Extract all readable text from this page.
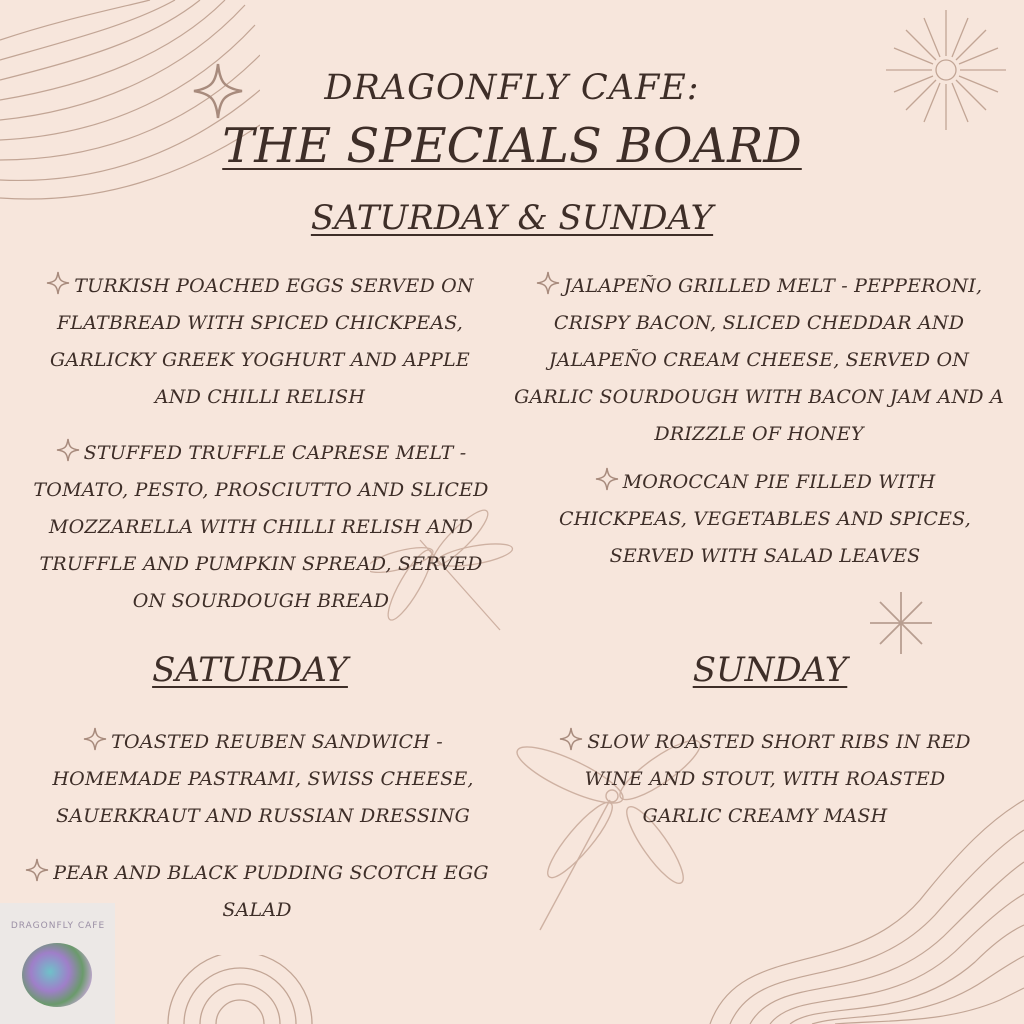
DRAGONFLY CAFE:
THE SPECIALS BOARD
SATURDAY & SUNDAY
TURKISH POACHED EGGS SERVED ON FLATBREAD WITH SPICED CHICKPEAS, GARLICKY GREEK YOGHURT AND APPLE AND CHILLI RELISH
STUFFED TRUFFLE CAPRESE MELT - TOMATO, PESTO, PROSCIUTTO AND SLICED MOZZARELLA WITH CHILLI RELISH AND TRUFFLE AND PUMPKIN SPREAD, SERVED ON SOURDOUGH BREAD
JALAPEÑO GRILLED MELT - PEPPERONI, CRISPY BACON, SLICED CHEDDAR AND JALAPEÑO CREAM CHEESE, SERVED ON GARLIC SOURDOUGH WITH BACON JAM AND A DRIZZLE OF HONEY
MOROCCAN PIE FILLED WITH CHICKPEAS, VEGETABLES AND SPICES, SERVED WITH SALAD LEAVES
SATURDAY	SUNDAY
TOASTED REUBEN SANDWICH - HOMEMADE PASTRAMI, SWISS CHEESE, SAUERKRAUT AND RUSSIAN DRESSING
PEAR AND BLACK PUDDING SCOTCH EGG SALAD
SLOW ROASTED SHORT RIBS IN RED WINE AND STOUT, WITH ROASTED GARLIC CREAMY MASH
DRAGONFLY CAFE
